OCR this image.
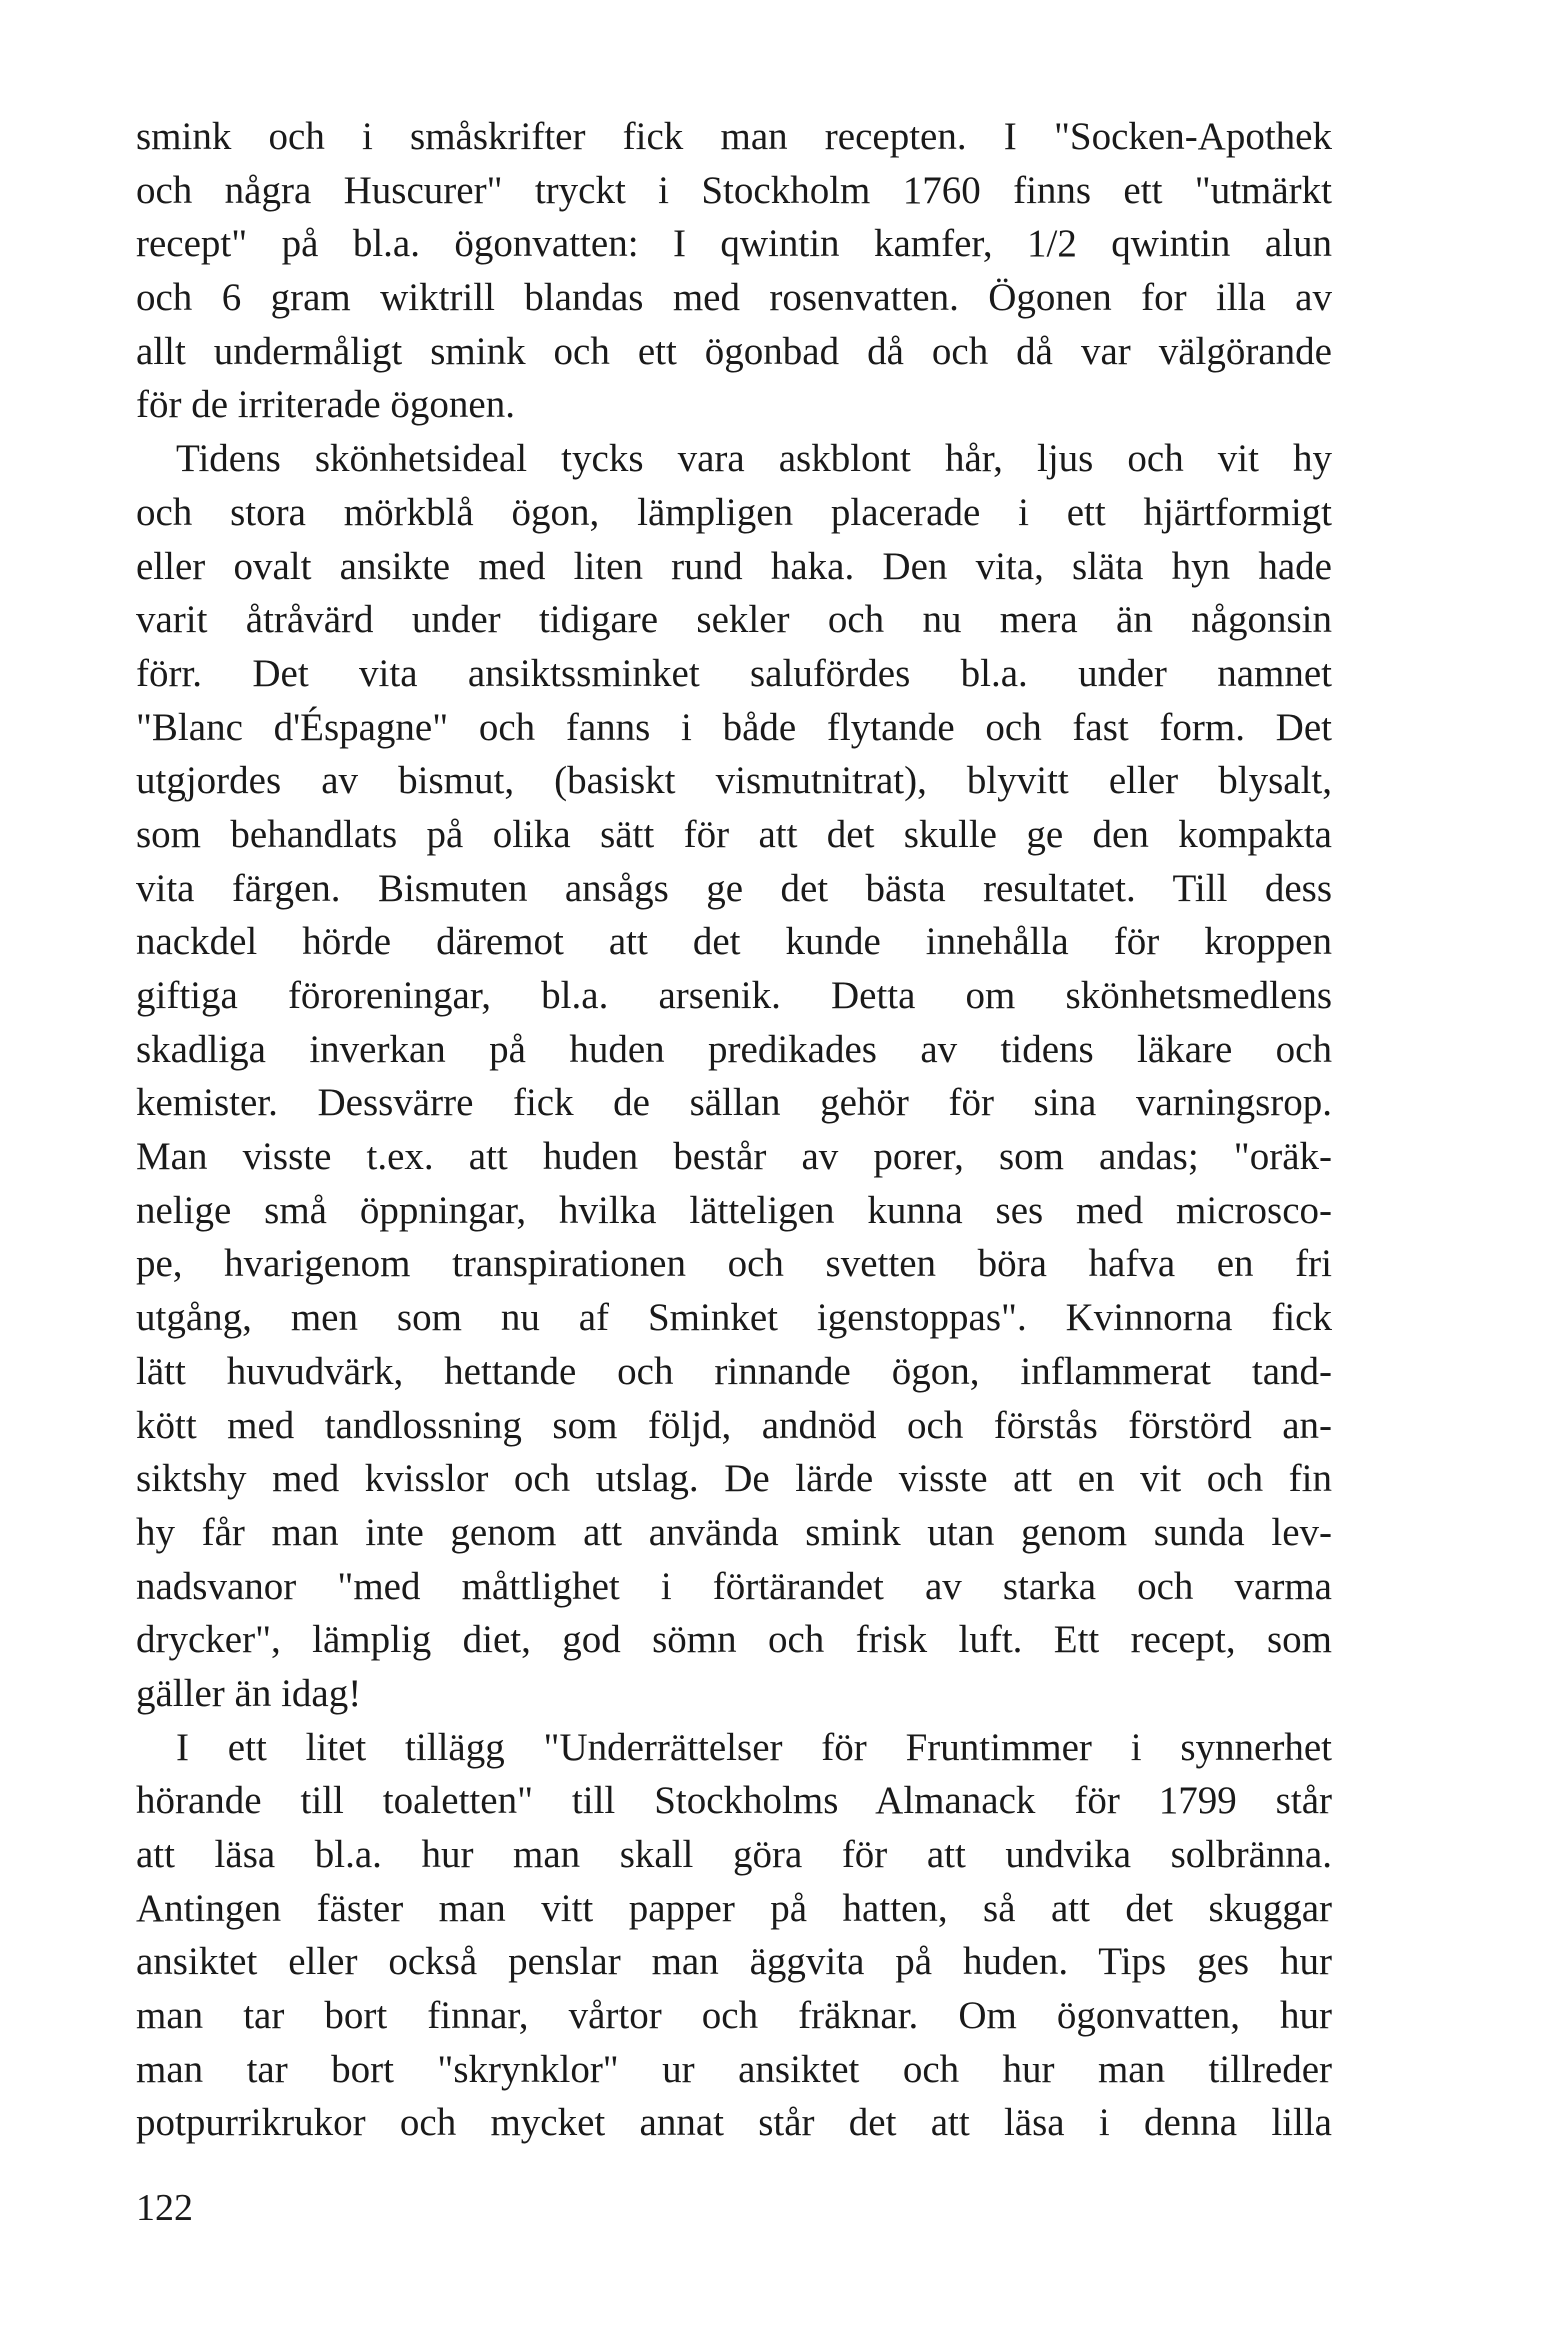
smink och i småskrifter fick man recepten. I "Socken-Apothek
och några Huscurer" tryckt i Stockholm 1760 finns ett "utmärkt
recept" på bl.a. ögonvatten: I qwintin kamfer, 1/2 qwintin alun
och 6 gram wiktrill blandas med rosenvatten. Ögonen for illa av
allt undermåligt smink och ett ögonbad då och då var välgörande
för de irriterade ögonen.
Tidens skönhetsideal tycks vara askblont hår, ljus och vit hy
och stora mörkblå ögon, lämpligen placerade i ett hjärtformigt
eller ovalt ansikte med liten rund haka. Den vita, släta hyn hade
varit åtråvärd under tidigare sekler och nu mera än någonsin
förr. Det vita ansiktssminket salufördes bl.a. under namnet
"Blanc d'Éspagne" och fanns i både flytande och fast form. Det
utgjordes av bismut, (basiskt vismutnitrat), blyvitt eller blysalt,
som behandlats på olika sätt för att det skulle ge den kompakta
vita färgen. Bismuten ansågs ge det bästa resultatet. Till dess
nackdel hörde däremot att det kunde innehålla för kroppen
giftiga föroreningar, bl.a. arsenik. Detta om skönhetsmedlens
skadliga inverkan på huden predikades av tidens läkare och
kemister. Dessvärre fick de sällan gehör för sina varningsrop.
Man visste t.ex. att huden består av porer, som andas; "oräk-
nelige små öppningar, hvilka lätteligen kunna ses med microsco-
pe, hvarigenom transpirationen och svetten böra hafva en fri
utgång, men som nu af Sminket igenstoppas". Kvinnorna fick
lätt huvudvärk, hettande och rinnande ögon, inflammerat tand-
kött med tandlossning som följd, andnöd och förstås förstörd an-
siktshy med kvisslor och utslag. De lärde visste att en vit och fin
hy får man inte genom att använda smink utan genom sunda lev-
nadsvanor "med måttlighet i förtärandet av starka och varma
drycker", lämplig diet, god sömn och frisk luft. Ett recept, som
gäller än idag!
I ett litet tillägg "Underrättelser för Fruntimmer i synnerhet
hörande till toaletten" till Stockholms Almanack för 1799 står
att läsa bl.a. hur man skall göra för att undvika solbränna.
Antingen fäster man vitt papper på hatten, så att det skuggar
ansiktet eller också penslar man äggvita på huden. Tips ges hur
man tar bort finnar, vårtor och fräknar. Om ögonvatten, hur
man tar bort "skrynklor" ur ansiktet och hur man tillreder
potpurrikrukor och mycket annat står det att läsa i denna lilla
122
